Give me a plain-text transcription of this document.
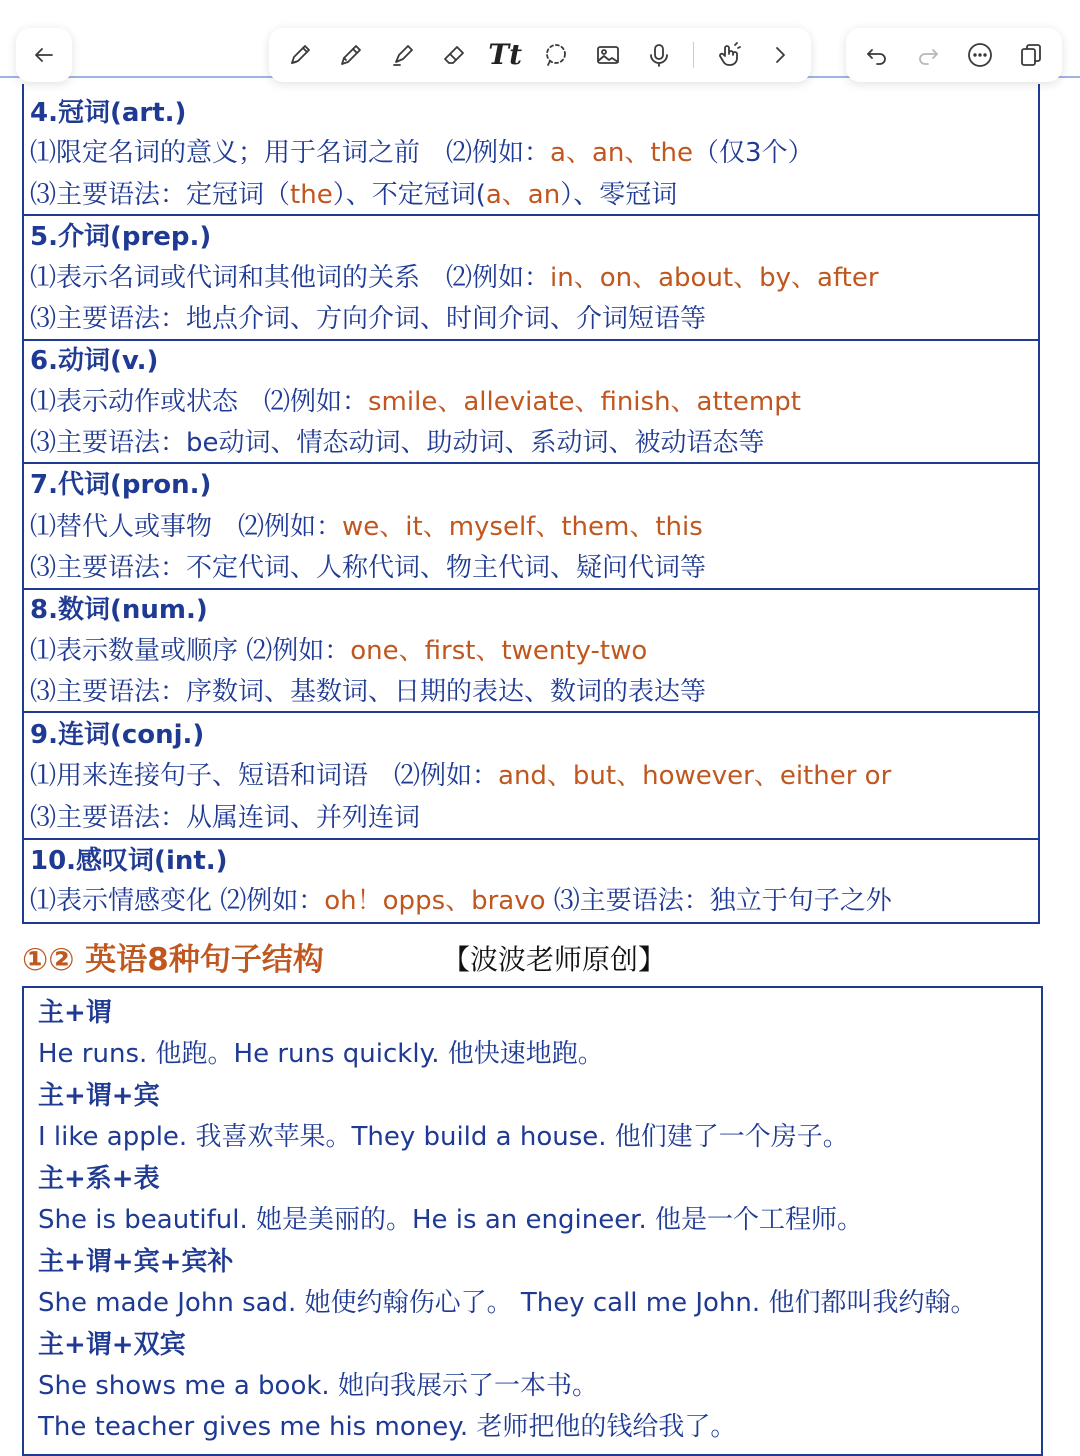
Tt
4.冠词(art.)
⑴限定名词的意义；用于名词之前　⑵例如：a、an、the（仅3个）
⑶主要语法：定冠词（the）、不定冠词(a、an）、零冠词
5.介词(prep.)
⑴表示名词或代词和其他词的关系　⑵例如：in、on、about、by、after
⑶主要语法：地点介词、方向介词、时间介词、介词短语等
6.动词(v.)
⑴表示动作或状态　⑵例如：smile、alleviate、finish、attempt
⑶主要语法：be动词、情态动词、助动词、系动词、被动语态等
7.代词(pron.)
⑴替代人或事物　⑵例如：we、it、myself、them、this
⑶主要语法：不定代词、人称代词、物主代词、疑问代词等
8.数词(num.)
⑴表示数量或顺序 ⑵例如：one、first、twenty-two
⑶主要语法：序数词、基数词、日期的表达、数词的表达等
9.连词(conj.)
⑴用来连接句子、短语和词语　⑵例如：and、but、however、either or
⑶主要语法：从属连词、并列连词
10.感叹词(int.)
⑴表示情感变化 ⑵例如：oh！opps、bravo ⑶主要语法：独立于句子之外
①② 英语8种句子结构	【波波老师原创】
主+谓
He runs. 他跑。He runs quickly. 他快速地跑。
主+谓+宾
I like apple. 我喜欢苹果。They build a house. 他们建了一个房子。
主+系+表
She is beautiful. 她是美丽的。He is an engineer. 他是一个工程师。
主+谓+宾+宾补
She made John sad. 她使约翰伤心了。 They call me John. 他们都叫我约翰。
主+谓+双宾
She shows me a book. 她向我展示了一本书。
The teacher gives me his money. 老师把他的钱给我了。
